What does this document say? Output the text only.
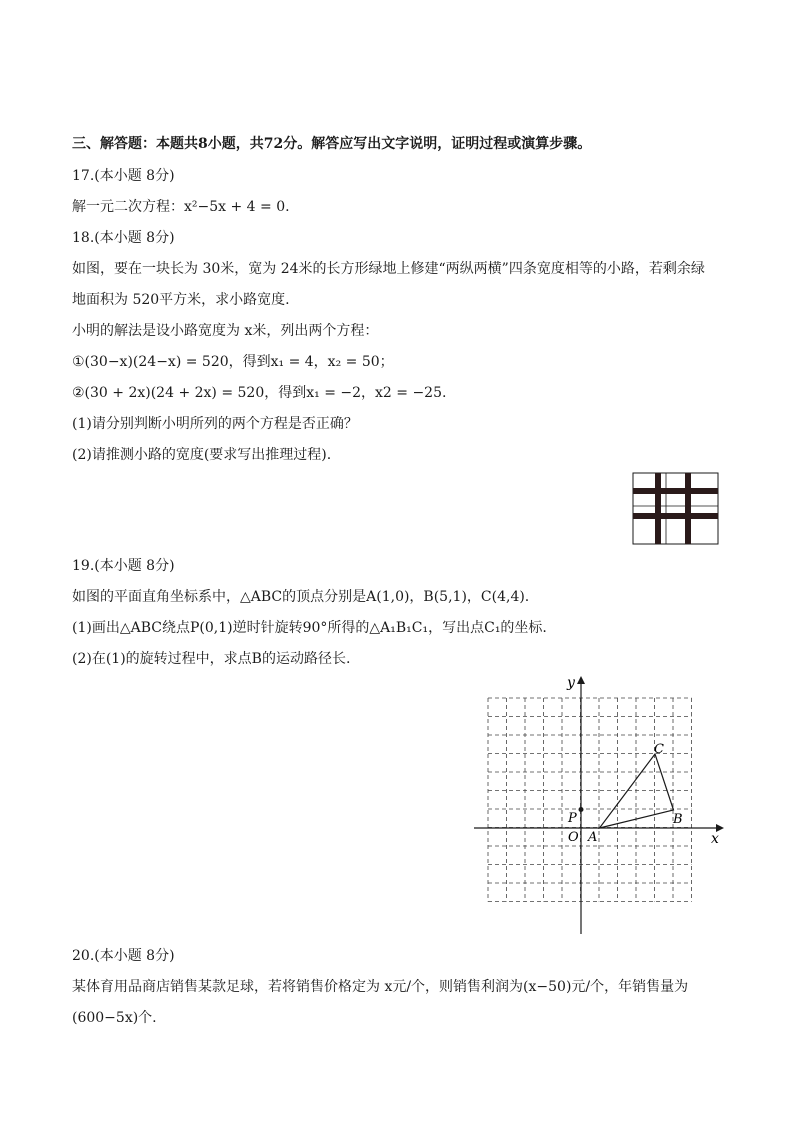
三、解答题：本题共8小题，共72分。解答应写出文字说明，证明过程或演算步骤。
17.(本小题 8分)
解一元二次方程：x²−5x + 4 = 0.
18.(本小题 8分)
如图，要在一块长为 30米，宽为 24米的长方形绿地上修建“两纵两横”四条宽度相等的小路，若剩余绿
地面积为 520平方米，求小路宽度.
小明的解法是设小路宽度为 x米，列出两个方程：
①(30−x)(24−x) = 520，得到x₁ = 4，x₂ = 50；
②(30 + 2x)(24 + 2x) = 520，得到x₁ = −2，x2 = −25.
(1)请分别判断小明所列的两个方程是否正确？
(2)请推测小路的宽度(要求写出推理过程).
19.(本小题 8分)
如图的平面直角坐标系中，△ABC的顶点分别是A(1,0)，B(5,1)，C(4,4).
(1)画出△ABC绕点P(0,1)逆时针旋转90°所得的△A₁B₁C₁，写出点C₁的坐标.
(2)在(1)的旋转过程中，求点B的运动路径长.
x
y
O
P
A
B
C
20.(本小题 8分)
某体育用品商店销售某款足球，若将销售价格定为 x元/个，则销售利润为(x−50)元/个，年销售量为
(600−5x)个.
